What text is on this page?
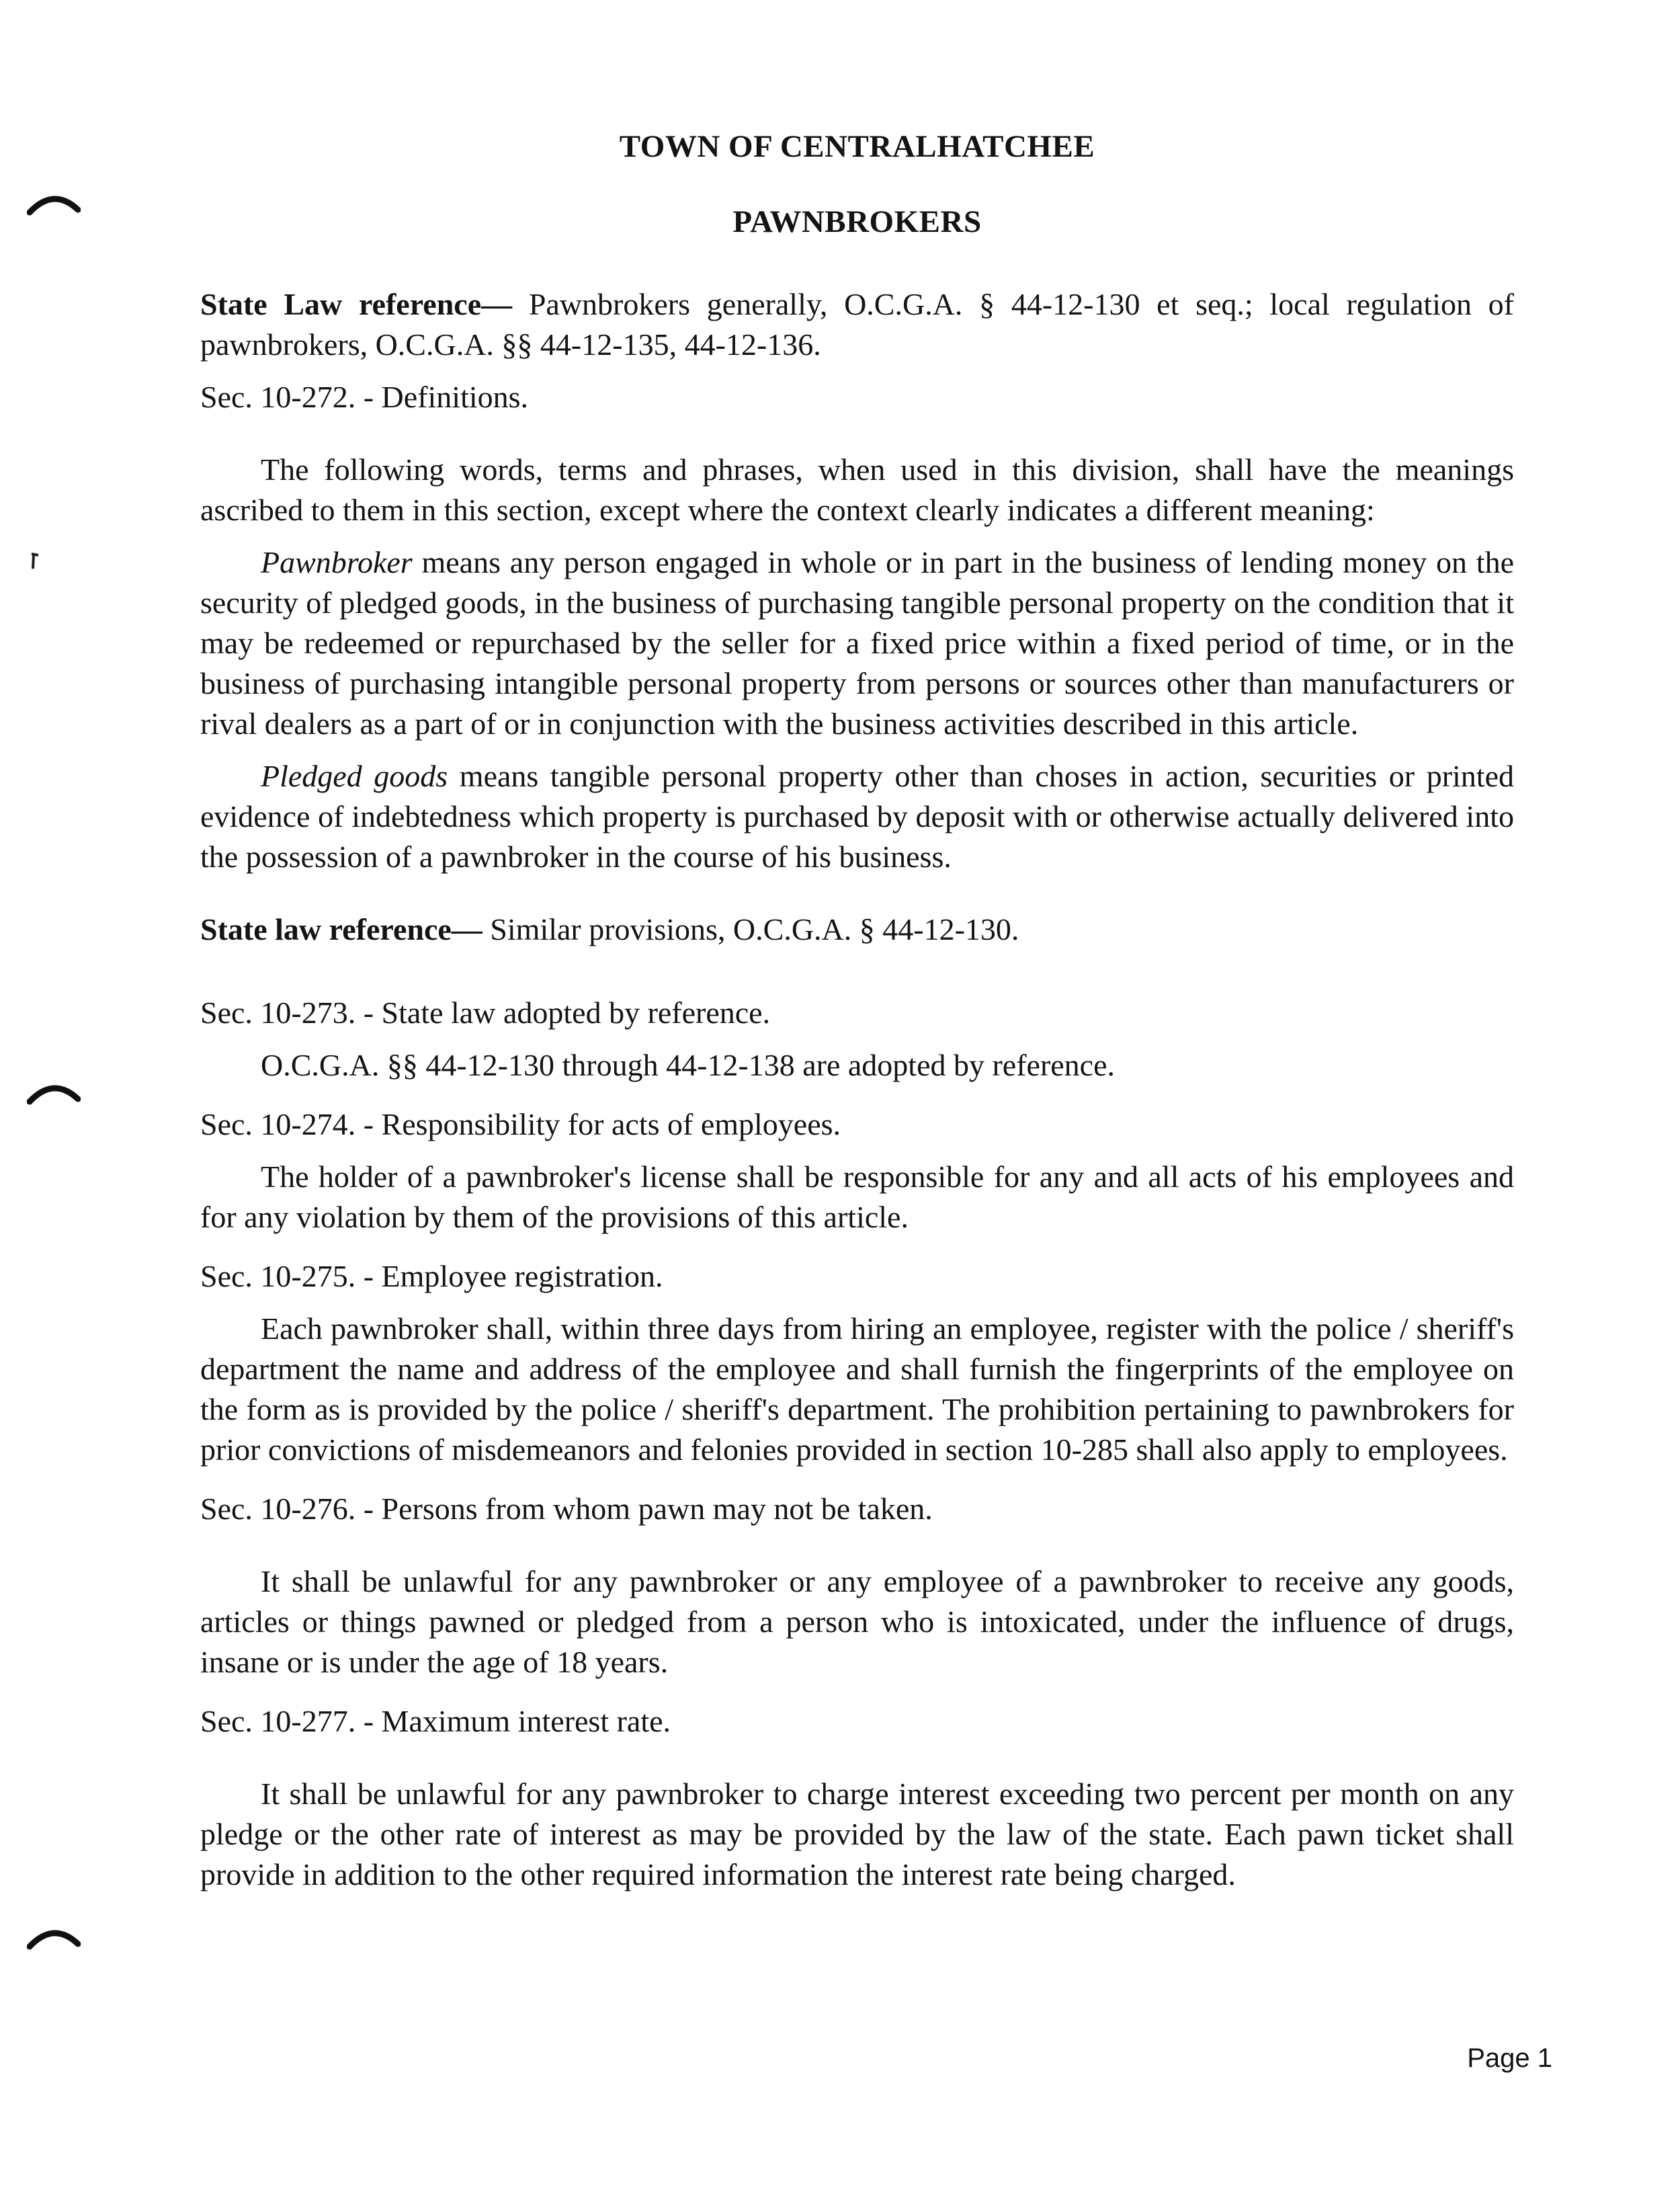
TOWN OF CENTRALHATCHEE
PAWNBROKERS

State Law reference— Pawnbrokers generally, O.C.G.A. § 44-12-130 et seq.; local regulation of pawnbrokers, O.C.G.A. §§ 44-12-135, 44-12-136.

Sec. 10-272. - Definitions.

The following words, terms and phrases, when used in this division, shall have the meanings ascribed to them in this section, except where the context clearly indicates a different meaning:

Pawnbroker means any person engaged in whole or in part in the business of lending money on the security of pledged goods, in the business of purchasing tangible personal property on the condition that it may be redeemed or repurchased by the seller for a fixed price within a fixed period of time, or in the business of purchasing intangible personal property from persons or sources other than manufacturers or rival dealers as a part of or in conjunction with the business activities described in this article.

Pledged goods means tangible personal property other than choses in action, securities or printed evidence of indebtedness which property is purchased by deposit with or otherwise actually delivered into the possession of a pawnbroker in the course of his business.

State law reference— Similar provisions, O.C.G.A. § 44-12-130.

Sec. 10-273. - State law adopted by reference.

O.C.G.A. §§ 44-12-130 through 44-12-138 are adopted by reference.

Sec. 10-274. - Responsibility for acts of employees.

The holder of a pawnbroker's license shall be responsible for any and all acts of his employees and for any violation by them of the provisions of this article.

Sec. 10-275. - Employee registration.

Each pawnbroker shall, within three days from hiring an employee, register with the police / sheriff's department the name and address of the employee and shall furnish the fingerprints of the employee on the form as is provided by the police / sheriff's department. The prohibition pertaining to pawnbrokers for prior convictions of misdemeanors and felonies provided in section 10-285 shall also apply to employees.

Sec. 10-276. - Persons from whom pawn may not be taken.

It shall be unlawful for any pawnbroker or any employee of a pawnbroker to receive any goods, articles or things pawned or pledged from a person who is intoxicated, under the influence of drugs, insane or is under the age of 18 years.

Sec. 10-277. - Maximum interest rate.

It shall be unlawful for any pawnbroker to charge interest exceeding two percent per month on any pledge or the other rate of interest as may be provided by the law of the state. Each pawn ticket shall provide in addition to the other required information the interest rate being charged.

Page 1
